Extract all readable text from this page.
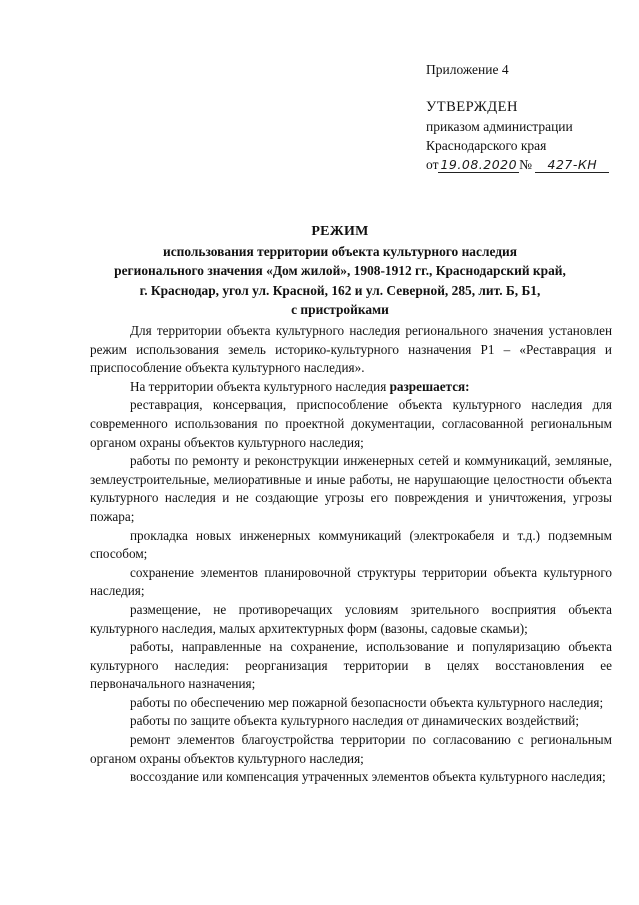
Приложение 4
УТВЕРЖДЕН
приказом администрации
Краснодарского края
от 19.08.2020 № 427-КН
РЕЖИМ
использования территории объекта культурного наследия
регионального значения «Дом жилой», 1908-1912 гг., Краснодарский край,
г. Краснодар, угол ул. Красной, 162 и ул. Северной, 285, лит. Б, Б1,
с пристройками

Для территории объекта культурного наследия регионального значения установлен режим использования земель историко-культурного назначения Р1 – «Реставрация и приспособление объекта культурного наследия».

На территории объекта культурного наследия разрешается:

реставрация, консервация, приспособление объекта культурного наследия для современного использования по проектной документации, согласованной региональным органом охраны объектов культурного наследия;

работы по ремонту и реконструкции инженерных сетей и коммуникаций, земляные, землеустроительные, мелиоративные и иные работы, не нарушающие целостности объекта культурного наследия и не создающие угрозы его повреждения и уничтожения, угрозы пожара;

прокладка новых инженерных коммуникаций (электрокабеля и т.д.) подземным способом;

сохранение элементов планировочной структуры территории объекта культурного наследия;

размещение, не противоречащих условиям зрительного восприятия объекта культурного наследия, малых архитектурных форм (вазоны, садовые скамьи);

работы, направленные на сохранение, использование и популяризацию объекта культурного наследия: реорганизация территории в целях восстановления ее первоначального назначения;

работы по обеспечению мер пожарной безопасности объекта культурного наследия;

работы по защите объекта культурного наследия от динамических воздействий;

ремонт элементов благоустройства территории по согласованию с региональным органом охраны объектов культурного наследия;

воссоздание или компенсация утраченных элементов объекта культурного наследия;
